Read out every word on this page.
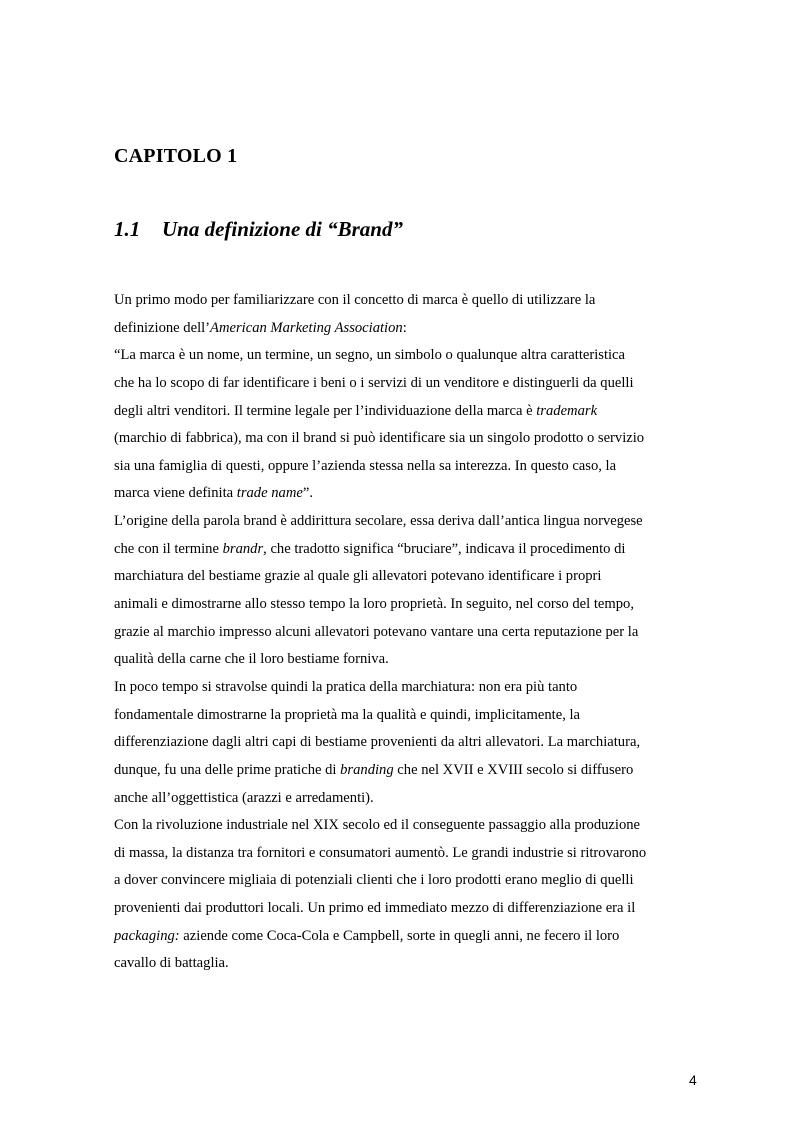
CAPITOLO 1
1.1 Una definizione di “Brand”
Un primo modo per familiarizzare con il concetto di marca è quello di utilizzare la
definizione dell’American Marketing Association:
“La marca è un nome, un termine, un segno, un simbolo o qualunque altra caratteristica
che ha lo scopo di far identificare i beni o i servizi di un venditore e distinguerli da quelli
degli altri venditori. Il termine legale per l’individuazione della marca è trademark
(marchio di fabbrica), ma con il brand si può identificare sia un singolo prodotto o servizio
sia una famiglia di questi, oppure l’azienda stessa nella sa interezza. In questo caso, la
marca viene definita trade name”.
L’origine della parola brand è addirittura secolare, essa deriva dall’antica lingua norvegese
che con il termine brandr, che tradotto significa “bruciare”, indicava il procedimento di
marchiatura del bestiame grazie al quale gli allevatori potevano identificare i propri
animali e dimostrarne allo stesso tempo la loro proprietà. In seguito, nel corso del tempo,
grazie al marchio impresso alcuni allevatori potevano vantare una certa reputazione per la
qualità della carne che il loro bestiame forniva.
In poco tempo si stravolse quindi la pratica della marchiatura: non era più tanto
fondamentale dimostrarne la proprietà ma la qualità e quindi, implicitamente, la
differenziazione dagli altri capi di bestiame provenienti da altri allevatori. La marchiatura,
dunque, fu una delle prime pratiche di branding che nel XVII e XVIII secolo si diffusero
anche all’oggettistica (arazzi e arredamenti).
Con la rivoluzione industriale nel XIX secolo ed il conseguente passaggio alla produzione
di massa, la distanza tra fornitori e consumatori aumentò. Le grandi industrie si ritrovarono
a dover convincere migliaia di potenziali clienti che i loro prodotti erano meglio di quelli
provenienti dai produttori locali. Un primo ed immediato mezzo di differenziazione era il
packaging: aziende come Coca-Cola e Campbell, sorte in quegli anni, ne fecero il loro
cavallo di battaglia.
4
